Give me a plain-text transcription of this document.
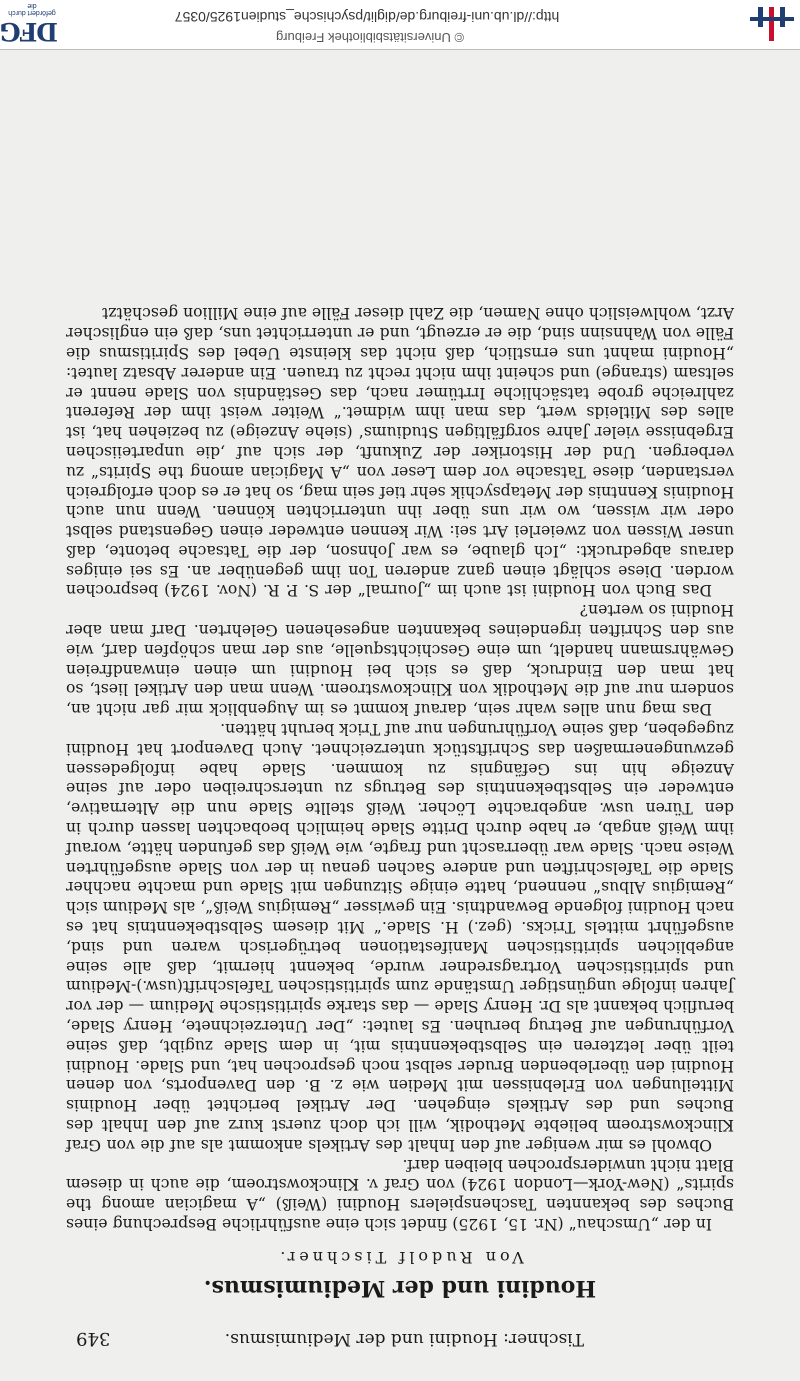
DFG
gefördert durch die
© Universitätsbibliothek Freiburg
http://dl.ub.uni-freiburg.de/diglit/psychische_studien1925/0357
Tischner: Houdini und der Mediumismus.
349
Houdini und der Mediumismus.
Von Rudolf Tischner.

In der „Umschau“ (Nr. 15, 1925) findet sich eine ausführliche Besprechung eines Buches des bekannten Taschenspielers Houdini (Weiß) „A magician among the spirits“ (New-York—London 1924) von Graf v. Klinckowstroem, die auch in diesem Blatt nicht unwidersprochen bleiben darf.

Obwohl es mir weniger auf den Inhalt des Artikels ankommt als auf die von Graf Klinckowstroem beliebte Methodik, will ich doch zuerst kurz auf den Inhalt des Buches und des Artikels eingehen. Der Artikel berichtet über Houdinis Mitteilungen von Erlebnissen mit Medien wie z. B. den Davenports, von denen Houdini den überlebenden Bruder selbst noch gesprochen hat, und Slade. Houdini teilt über letzteren ein Selbstbekenntnis mit, in dem Slade zugibt, daß seine Vorführungen auf Betrug beruhen. Es lautet: „Der Unterzeichnete, Henry Slade, beruflich bekannt als Dr. Henry Slade — das starke spiritistische Medium — der vor Jahren infolge ungünstiger Umstände zum spiritistischen Tafelschrift(usw.)-Medium und spiritistischen Vortragsredner wurde, bekennt hiermit, daß alle seine angeblichen spiritistischen Manifestationen betrügerisch waren und sind, ausgeführt mittels Tricks. (gez.) H. Slade.“ Mit diesem Selbstbekenntnis hat es nach Houdini folgende Bewandtnis. Ein gewisser „Remigius Weiß“, als Medium sich „Remigius Albus“ nennend, hatte einige Sitzungen mit Slade und machte nachher Slade die Tafelschriften und andere Sachen genau in der von Slade ausgeführten Weise nach. Slade war überrascht und fragte, wie Weiß das gefunden hätte, worauf ihm Weiß angab, er habe durch Dritte Slade heimlich beobachten lassen durch in den Türen usw. angebrachte Löcher. Weiß stellte Slade nun die Alternative, entweder ein Selbstbekenntnis des Betrugs zu unterschreiben oder auf seine Anzeige hin ins Gefängnis zu kommen. Slade habe infolgedessen gezwungenermaßen das Schriftstück unterzeichnet. Auch Davenport hat Houdini zugegeben, daß seine Vorführungen nur auf Trick beruht hätten.

Das mag nun alles wahr sein, darauf kommt es im Augenblick mir gar nicht an, sondern nur auf die Methodik von Klinckowstroem. Wenn man den Artikel liest, so hat man den Eindruck, daß es sich bei Houdini um einen einwandfreien Gewährsmann handelt, um eine Geschichtsquelle, aus der man schöpfen darf, wie aus den Schriften irgendeines bekannten angesehenen Gelehrten. Darf man aber Houdini so werten?

Das Buch von Houdini ist auch im „Journal“ der S. P. R. (Nov. 1924) besprochen worden. Diese schlägt einen ganz anderen Ton ihm gegenüber an. Es sei einiges daraus abgedruckt: „Ich glaube, es war Johnson, der die Tatsache betonte, daß unser Wissen von zweierlei Art sei: Wir kennen entweder einen Gegenstand selbst oder wir wissen, wo wir uns über ihn unterrichten können. Wenn nun auch Houdinis Kenntnis der Metapsychik sehr tief sein mag, so hat er es doch erfolgreich verstanden, diese Tatsache vor dem Leser von „A Magician among the Spirits“ zu verbergen. Und der Historiker der Zukunft, der sich auf ‚die unparteiischen Ergebnisse vieler Jahre sorgfältigen Studiums‘ (siehe Anzeige) zu beziehen hat, ist alles des Mitleids wert, das man ihm widmet.“ Weiter weist ihm der Referent zahlreiche grobe tatsächliche Irrtümer nach, das Geständnis von Slade nennt er seltsam (strange) und scheint ihm nicht recht zu trauen. Ein anderer Absatz lautet: „Houdini mahnt uns ernstlich, daß nicht das kleinste Uebel des Spiritismus die Fälle von Wahnsinn sind, die er erzeugt, und er unterrichtet uns, daß ein englischer Arzt, wohlweislich ohne Namen, die Zahl dieser Fälle auf eine Million geschätzt
